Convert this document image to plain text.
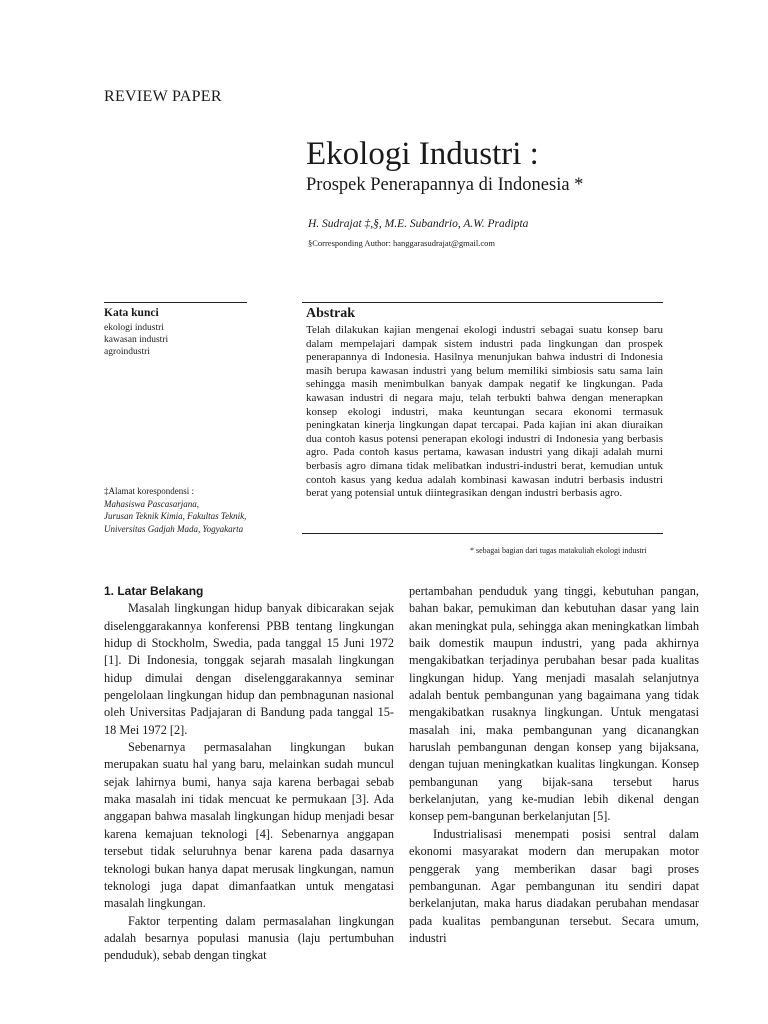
REVIEW PAPER
Ekologi Industri :
Prospek Penerapannya di Indonesia *
H. Sudrajat ‡,§, M.E. Subandrio, A.W. Pradipta
§Corresponding Author: hanggarasudrajat@gmail.com
Kata kunci
ekologi industri
kawasan industri
agroindustri
‡Alamat korespondensi :
Mahasiswa Pascasarjana,
Jurusan Teknik Kimia, Fakultas Teknik,
Universitas Gadjah Mada, Yogyakarta
Abstrak

Telah dilakukan kajian mengenai ekologi industri sebagai suatu konsep baru dalam mempelajari dampak sistem industri pada lingkungan dan prospek penerapannya di Indonesia. Hasilnya menunjukan bahwa industri di Indonesia masih berupa kawasan industri yang belum memiliki simbiosis satu sama lain sehingga masih menimbulkan banyak dampak negatif ke lingkungan. Pada kawasan industri di negara maju, telah terbukti bahwa dengan menerapkan konsep ekologi industri, maka keuntungan secara ekonomi termasuk peningkatan kinerja lingkungan dapat tercapai. Pada kajian ini akan diuraikan dua contoh kasus potensi penerapan ekologi industri di Indonesia yang berbasis agro. Pada contoh kasus pertama, kawasan industri yang dikaji adalah murni berbasis agro dimana tidak melibatkan industri-industri berat, kemudian untuk contoh kasus yang kedua adalah kombinasi kawasan indutri berbasis industri berat yang potensial untuk diintegrasikan dengan industri berbasis agro.

* sebagai bagian dari tugas matakuliah ekologi industri
1. Latar Belakang

Masalah lingkungan hidup banyak dibicarakan sejak diselenggarakannya konferensi PBB tentang lingkungan hidup di Stockholm, Swedia, pada tanggal 15 Juni 1972 [1]. Di Indonesia, tonggak sejarah masalah lingkungan hidup dimulai dengan diselenggarakannya seminar pengelolaan lingkungan hidup dan pembnagunan nasional oleh Universitas Padjajaran di Bandung pada tanggal 15-18 Mei 1972 [2].

Sebenarnya permasalahan lingkungan bukan merupakan suatu hal yang baru, melainkan sudah muncul sejak lahirnya bumi, hanya saja karena berbagai sebab maka masalah ini tidak mencuat ke permukaan [3]. Ada anggapan bahwa masalah lingkungan hidup menjadi besar karena kemajuan teknologi [4]. Sebenarnya anggapan tersebut tidak seluruhnya benar karena pada dasarnya teknologi bukan hanya dapat merusak lingkungan, namun teknologi juga dapat dimanfaatkan untuk mengatasi masalah lingkungan.

Faktor terpenting dalam permasalahan lingkungan adalah besarnya populasi manusia (laju pertumbuhan penduduk), sebab dengan tingkat

pertambahan penduduk yang tinggi, kebutuhan pangan, bahan bakar, pemukiman dan kebutuhan dasar yang lain akan meningkat pula, sehingga akan meningkatkan limbah baik domestik maupun industri, yang pada akhirnya mengakibatkan terjadinya perubahan besar pada kualitas lingkungan hidup. Yang menjadi masalah selanjutnya adalah bentuk pembangunan yang bagaimana yang tidak mengakibatkan rusaknya lingkungan. Untuk mengatasi masalah ini, maka pembangunan yang dicanangkan haruslah pembangunan dengan konsep yang bijaksana, dengan tujuan meningkatkan kualitas lingkungan. Konsep pembangunan yang bijak-sana tersebut harus berkelanjutan, yang ke-mudian lebih dikenal dengan konsep pem-bangunan berkelanjutan [5].

Industrialisasi menempati posisi sentral dalam ekonomi masyarakat modern dan merupakan motor penggerak yang memberikan dasar bagi proses pembangunan. Agar pembangunan itu sendiri dapat berkelanjutan, maka harus diadakan perubahan mendasar pada kualitas pembangunan tersebut. Secara umum, industri
